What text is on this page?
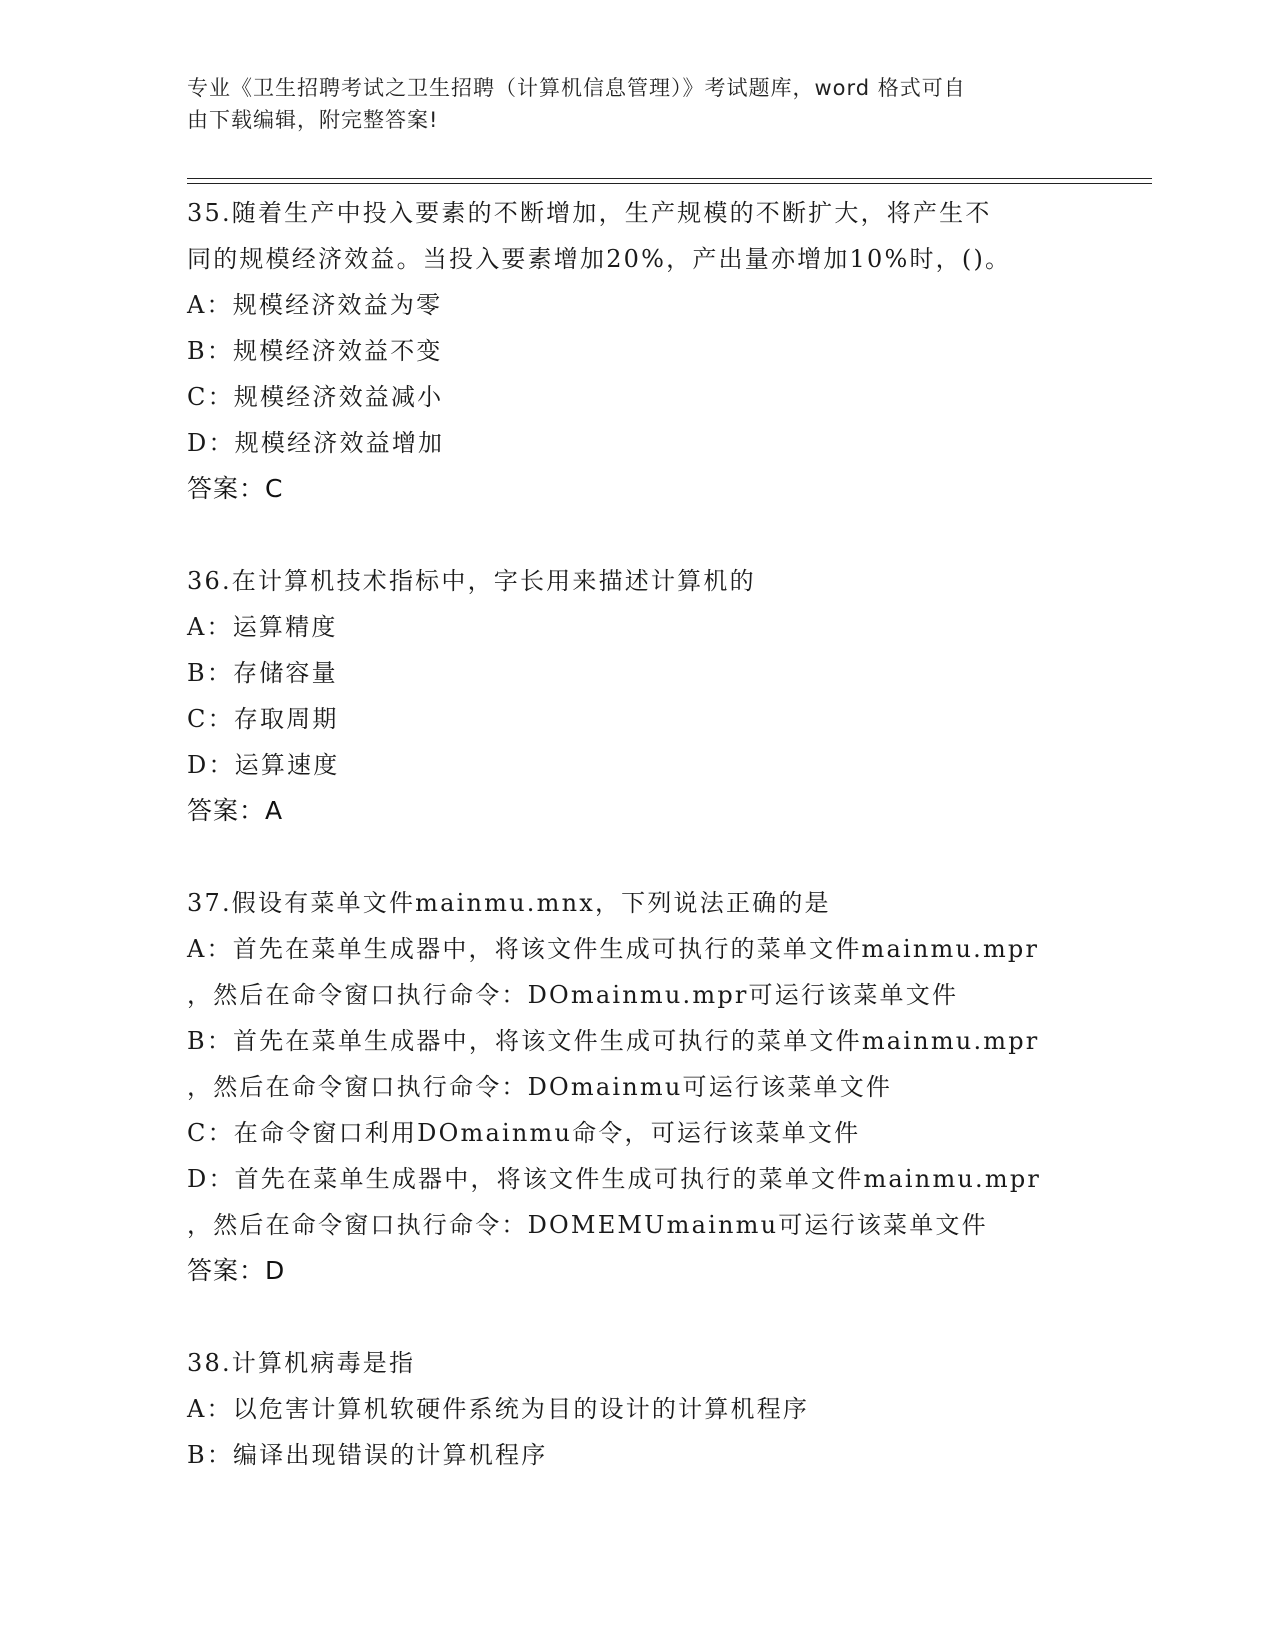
专业《卫生招聘考试之卫生招聘（计算机信息管理）》考试题库，word 格式可自
由下载编辑，附完整答案!
35.随着生产中投入要素的不断增加，生产规模的不断扩大，将产生不
同的规模经济效益。当投入要素增加20%，产出量亦增加10%时，()。
A：规模经济效益为零
B：规模经济效益不变
C：规模经济效益减小
D：规模经济效益增加
答案：C
36.在计算机技术指标中，字长用来描述计算机的
A：运算精度
B：存储容量
C：存取周期
D：运算速度
答案：A
37.假设有菜单文件mainmu.mnx，下列说法正确的是
A：首先在菜单生成器中，将该文件生成可执行的菜单文件mainmu.mpr
，然后在命令窗口执行命令：DOmainmu.mpr可运行该菜单文件
B：首先在菜单生成器中，将该文件生成可执行的菜单文件mainmu.mpr
，然后在命令窗口执行命令：DOmainmu可运行该菜单文件
C：在命令窗口利用DOmainmu命令，可运行该菜单文件
D：首先在菜单生成器中，将该文件生成可执行的菜单文件mainmu.mpr
，然后在命令窗口执行命令：DOMEMUmainmu可运行该菜单文件
答案：D
38.计算机病毒是指
A：以危害计算机软硬件系统为目的设计的计算机程序
B：编译出现错误的计算机程序
